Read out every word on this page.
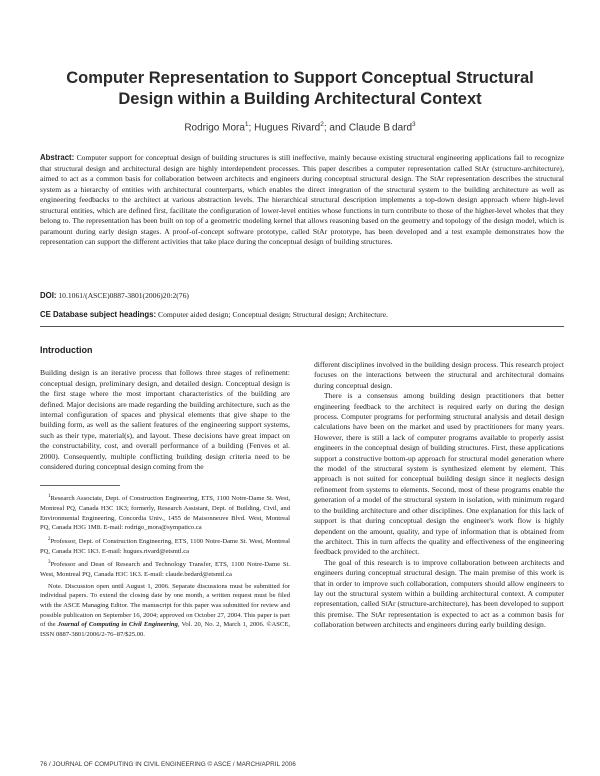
Computer Representation to Support Conceptual Structural
Design within a Building Architectural Context
Rodrigo Mora$^1$; Hugues Rivard$^2$; and Claude B dard$^3$
Abstract: Computer support for conceptual design of building structures is still ineffective, mainly because existing structural engineering applications fail to recognize that structural design and architectural design are highly interdependent processes. This paper describes a computer representation called StAr (structure-architecture), aimed to act as a common basis for collaboration between architects and engineers during conceptual structural design. The StAr representation describes the structural system as a hierarchy of entities with architectural counterparts, which enables the direct integration of the structural system to the building architecture as well as engineering feedbacks to the architect at various abstraction levels. The hierarchical structural description implements a top-down design approach where high-level structural entities, which are defined first, facilitate the configuration of lower-level entities whose functions in turn contribute to those of the higher-level wholes that they belong to. The representation has been built on top of a geometric modeling kernel that allows reasoning based on the geometry and topology of the design model, which is paramount during early design stages. A proof-of-concept software prototype, called StAr prototype, has been developed and a test example demonstrates how the representation can support the different activities that take place during the conceptual design of building structures.
DOI: 10.1061/(ASCE)0887-3801(2006)20:2(76)
CE Database subject headings: Computer aided design; Conceptual design; Structural design; Architecture.
Introduction

Building design is an iterative process that follows three stages of refinement: conceptual design, preliminary design, and detailed design. Conceptual design is the first stage where the most important characteristics of the building are defined. Major decisions are made regarding the building architecture, such as the internal configuration of spaces and physical elements that give shape to the building form, as well as the salient features of the engineering support systems, such as their type, material(s), and layout. These decisions have great impact on the constructability, cost, and overall performance of a building (Fenves et al. 2000). Consequently, multiple conflicting building design criteria need to be considered during conceptual design coming from the

$^1$Research Associate, Dept. of Construction Engineering, ETS, 1100 Notre-Dame St. West, Montreal PQ, Canada H3C 1K3; formerly, Research Assistant, Dept. of Building, Civil, and Environmental Engineering, Concordia Univ., 1455 de Maisonneuve Blvd. West, Montreal PQ, Canada H3G 1M8. E-mail: rodrigo_mora@sympatico.ca

$^2$Professor, Dept. of Construction Engineering, ETS, 1100 Notre-Dame St. West, Montreal PQ, Canada H3C 1K3. E-mail: hugues.rivard@etsmtl.ca

$^3$Professor and Dean of Research and Technology Transfer, ETS, 1100 Notre-Dame St. West, Montreal PQ, Canada H3C 1K3. E-mail: claude.bedard@etsmtl.ca

Note. Discussion open until August 1, 2006. Separate discussions must be submitted for individual papers. To extend the closing date by one month, a written request must be filed with the ASCE Managing Editor. The manuscript for this paper was submitted for review and possible publication on September 16, 2004; approved on October 27, 2004. This paper is part of the Journal of Computing in Civil Engineering, Vol. 20, No. 2, March 1, 2006. ©ASCE, ISSN 0887-3801/2006/2-76–87/$25.00.

different disciplines involved in the building design process. This research project focuses on the interactions between the structural and architectural domains during conceptual design.

There is a consensus among building design practitioners that better engineering feedback to the architect is required early on during the design process. Computer programs for performing structural analysis and detail design calculations have been on the market and used by practitioners for many years. However, there is still a lack of computer programs available to properly assist engineers in the conceptual design of building structures. First, these applications support a constructive bottom-up approach for structural model generation where the model of the structural system is synthesized element by element. This approach is not suited for conceptual building design since it neglects design refinement from systems to elements. Second, most of these programs enable the generation of a model of the structural system in isolation, with minimum regard to the building architecture and other disciplines. One explanation for this lack of support is that during conceptual design the engineer's work flow is highly dependent on the amount, quality, and type of information that is obtained from the architect. This in turn affects the quality and effectiveness of the engineering feedback provided to the architect.

The goal of this research is to improve collaboration between architects and engineers during conceptual structural design. The main premise of this work is that in order to improve such collaboration, computers should allow engineers to lay out the structural system within a building architectural context. A computer representation, called StAr (structure-architecture), has been developed to support this premise. The StAr representation is expected to act as a common basis for collaboration between architects and engineers during early building design.

76 / JOURNAL OF COMPUTING IN CIVIL ENGINEERING © ASCE / MARCH/APRIL 2006
